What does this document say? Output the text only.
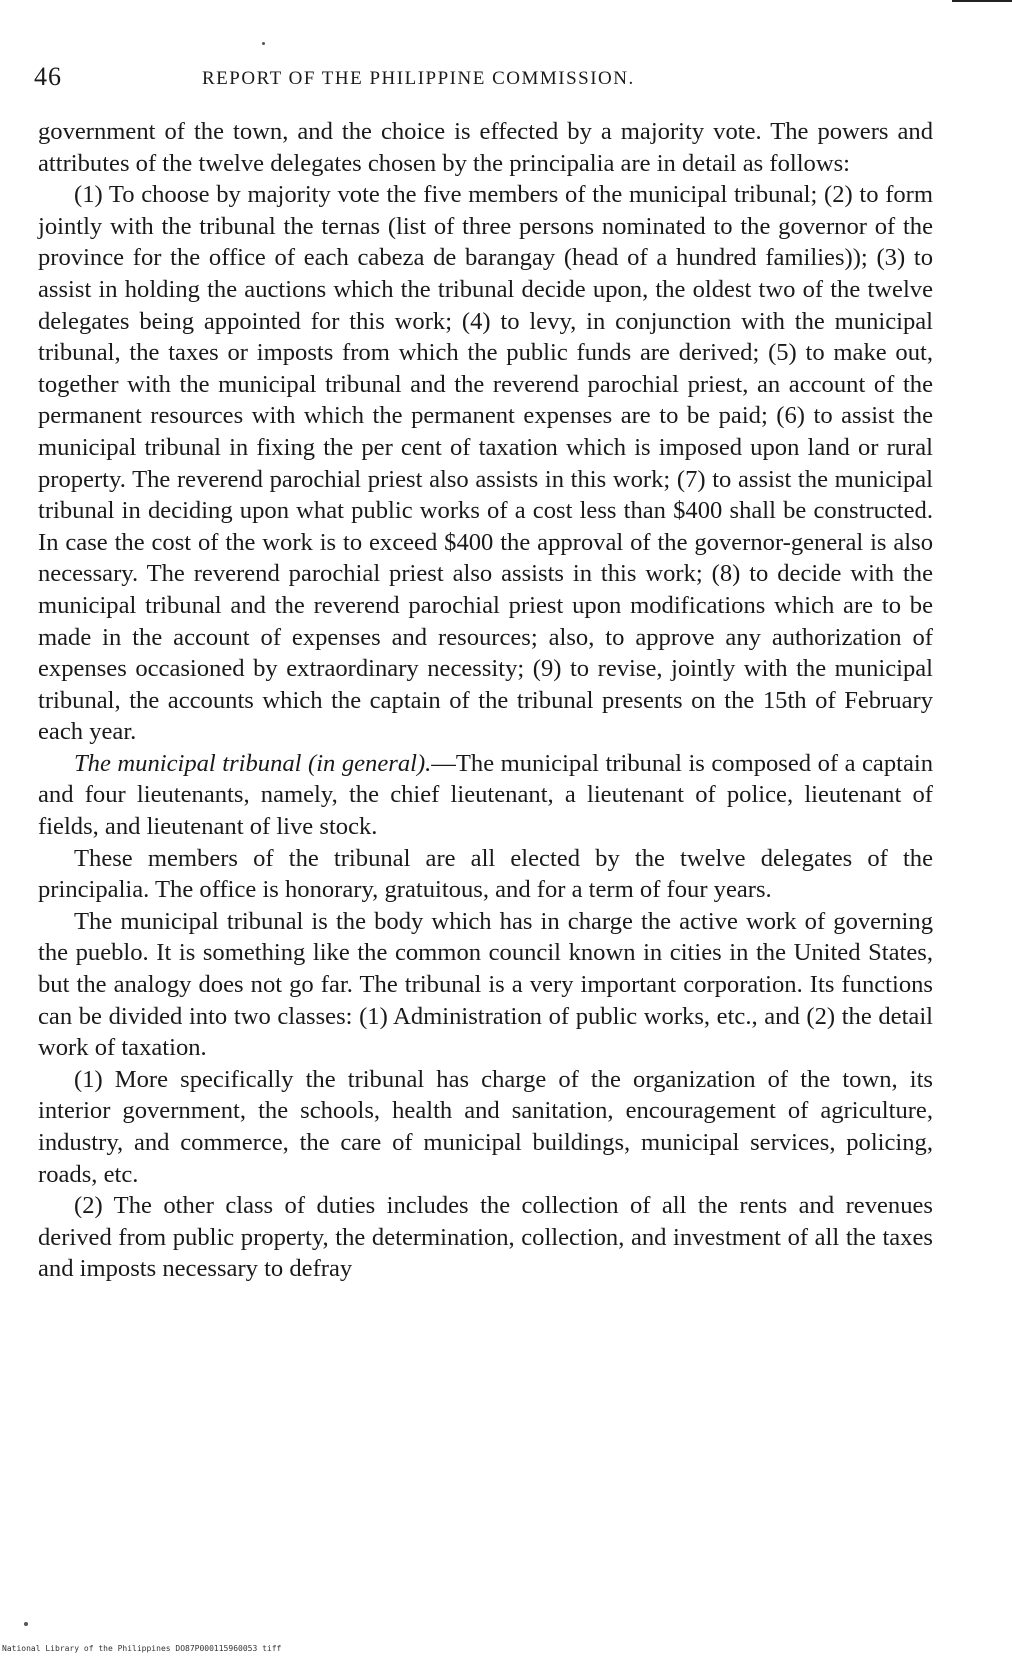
46	REPORT OF THE PHILIPPINE COMMISSION.

government of the town, and the choice is effected by a majority vote. The powers and attributes of the twelve delegates chosen by the principalia are in detail as follows:

(1) To choose by majority vote the five members of the municipal tribunal; (2) to form jointly with the tribunal the ternas (list of three persons nominated to the governor of the province for the office of each cabeza de barangay (head of a hundred families)); (3) to assist in holding the auctions which the tribunal decide upon, the oldest two of the twelve delegates being appointed for this work; (4) to levy, in conjunction with the municipal tribunal, the taxes or imposts from which the public funds are derived; (5) to make out, together with the municipal tribunal and the reverend parochial priest, an account of the permanent resources with which the permanent expenses are to be paid; (6) to assist the municipal tribunal in fixing the per cent of taxation which is imposed upon land or rural property. The reverend parochial priest also assists in this work; (7) to assist the municipal tribunal in deciding upon what public works of a cost less than $400 shall be constructed. In case the cost of the work is to exceed $400 the approval of the governor-general is also necessary. The reverend parochial priest also assists in this work; (8) to decide with the municipal tribunal and the reverend parochial priest upon modifications which are to be made in the account of expenses and resources; also, to approve any authorization of expenses occasioned by extraordinary necessity; (9) to revise, jointly with the municipal tribunal, the accounts which the captain of the tribunal presents on the 15th of February each year.

The municipal tribunal (in general).—The municipal tribunal is composed of a captain and four lieutenants, namely, the chief lieutenant, a lieutenant of police, lieutenant of fields, and lieutenant of live stock.

These members of the tribunal are all elected by the twelve delegates of the principalia. The office is honorary, gratuitous, and for a term of four years.

The municipal tribunal is the body which has in charge the active work of governing the pueblo. It is something like the common council known in cities in the United States, but the analogy does not go far. The tribunal is a very important corporation. Its functions can be divided into two classes: (1) Administration of public works, etc., and (2) the detail work of taxation.

(1) More specifically the tribunal has charge of the organization of the town, its interior government, the schools, health and sanitation, encouragement of agriculture, industry, and commerce, the care of municipal buildings, municipal services, policing, roads, etc.

(2) The other class of duties includes the collection of all the rents and revenues derived from public property, the determination, collection, and investment of all the taxes and imposts necessary to defray

National Library of the Philippines DO87P000115960053 tiff
